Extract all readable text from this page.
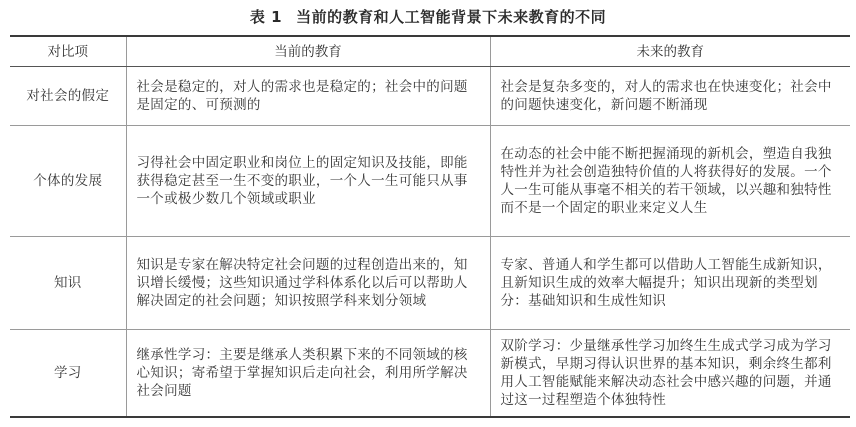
表 1 当前的教育和人工智能背景下未来教育的不同
对比项	当前的教育	未来的教育
对社会的假定	社会是稳定的，对人的需求也是稳定的；社会中的问题是固定的、可预测的	社会是复杂多变的，对人的需求也在快速变化；社会中的问题快速变化，新问题不断涌现
个体的发展	习得社会中固定职业和岗位上的固定知识及技能，即能获得稳定甚至一生不变的职业，一个人一生可能只从事一个或极少数几个领域或职业	在动态的社会中能不断把握涌现的新机会，塑造自我独特性并为社会创造独特价值的人将获得好的发展。一个人一生可能从事毫不相关的若干领域，以兴趣和独特性而不是一个固定的职业来定义人生
知识	知识是专家在解决特定社会问题的过程创造出来的，知识增长缓慢；这些知识通过学科体系化以后可以帮助人解决固定的社会问题；知识按照学科来划分领域	专家、普通人和学生都可以借助人工智能生成新知识，且新知识生成的效率大幅提升；知识出现新的类型划分：基础知识和生成性知识
学习	继承性学习：主要是继承人类积累下来的不同领域的核心知识；寄希望于掌握知识后走向社会，利用所学解决社会问题	双阶学习：少量继承性学习加终生生成式学习成为学习新模式，早期习得认识世界的基本知识，剩余终生都利用人工智能赋能来解决动态社会中感兴趣的问题，并通过这一过程塑造个体独特性
